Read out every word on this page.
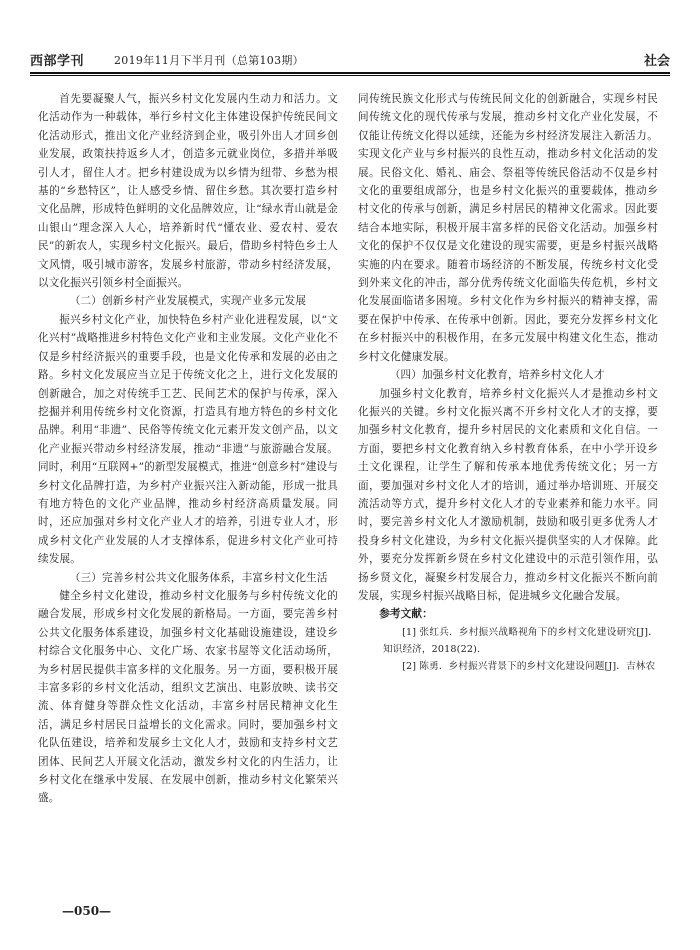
西部学刊	2019年11月下半月刊（总第103期）	社会

首先要凝聚人气，振兴乡村文化发展内生动力和活力。文化活动作为一种载体，举行乡村文化主体建设保护传统民间文化活动形式，推出文化产业经济到企业，吸引外出人才回乡创业发展，政策扶持返乡人才，创造多元就业岗位，多措并举吸引人才，留住人才。把乡村建设成为以乡情为纽带、乡愁为根基的“乡愁特区”，让人感受乡情、留住乡愁。其次要打造乡村文化品牌，形成特色鲜明的文化品牌效应，让“绿水青山就是金山银山”理念深入人心，培养新时代“懂农业、爱农村、爱农民”的新农人，实现乡村文化振兴。最后，借助乡村特色乡土人文风情，吸引城市游客，发展乡村旅游，带动乡村经济发展，以文化振兴引领乡村全面振兴。

（二）创新乡村产业发展模式，实现产业多元发展

振兴乡村文化产业，加快特色乡村产业化进程发展，以“文化兴村”战略推进乡村特色文化产业和主业发展。文化产业化不仅是乡村经济振兴的重要手段，也是文化传承和发展的必由之路。乡村文化发展应当立足于传统文化之上，进行文化发展的创新融合，加之对传统手工艺、民间艺术的保护与传承，深入挖掘并利用传统乡村文化资源，打造具有地方特色的乡村文化品牌。利用“非遗”、民俗等传统文化元素开发文创产品，以文化产业振兴带动乡村经济发展，推动“非遗”与旅游融合发展。同时，利用“互联网+”的新型发展模式，推进“创意乡村”建设与乡村文化品牌打造，为乡村产业振兴注入新动能，形成一批具有地方特色的文化产业品牌，推动乡村经济高质量发展。同时，还应加强对乡村文化产业人才的培养，引进专业人才，形成乡村文化产业发展的人才支撑体系，促进乡村文化产业可持续发展。

（三）完善乡村公共文化服务体系，丰富乡村文化生活

健全乡村文化建设，推动乡村文化服务与乡村传统文化的融合发展，形成乡村文化发展的新格局。一方面，要完善乡村公共文化服务体系建设，加强乡村文化基础设施建设，建设乡村综合文化服务中心、文化广场、农家书屋等文化活动场所，为乡村居民提供丰富多样的文化服务。另一方面，要积极开展丰富多彩的乡村文化活动，组织文艺演出、电影放映、读书交流、体育健身等群众性文化活动，丰富乡村居民精神文化生活，满足乡村居民日益增长的文化需求。同时，要加强乡村文化队伍建设，培养和发展乡土文化人才，鼓励和支持乡村文艺团体、民间艺人开展文化活动，激发乡村文化的内生活力，让乡村文化在继承中发展、在发展中创新，推动乡村文化繁荣兴盛。

同传统民族文化形式与传统民间文化的创新融合，实现乡村民间传统文化的现代传承与发展，推动乡村文化产业化发展，不仅能让传统文化得以延续，还能为乡村经济发展注入新活力。实现文化产业与乡村振兴的良性互动，推动乡村文化活动的发展。民俗文化、婚礼、庙会、祭祖等传统民俗活动不仅是乡村文化的重要组成部分，也是乡村文化振兴的重要载体，推动乡村文化的传承与创新，满足乡村居民的精神文化需求。因此要结合本地实际，积极开展丰富多样的民俗文化活动。加强乡村文化的保护不仅仅是文化建设的现实需要，更是乡村振兴战略实施的内在要求。随着市场经济的不断发展，传统乡村文化受到外来文化的冲击，部分优秀传统文化面临失传危机，乡村文化发展面临诸多困境。乡村文化作为乡村振兴的精神支撑，需要在保护中传承、在传承中创新。因此，要充分发挥乡村文化在乡村振兴中的积极作用，在多元发展中构建文化生态，推动乡村文化健康发展。

（四）加强乡村文化教育，培养乡村文化人才

加强乡村文化教育，培养乡村文化振兴人才是推动乡村文化振兴的关键。乡村文化振兴离不开乡村文化人才的支撑，要加强乡村文化教育，提升乡村居民的文化素质和文化自信。一方面，要把乡村文化教育纳入乡村教育体系，在中小学开设乡土文化课程，让学生了解和传承本地优秀传统文化；另一方面，要加强对乡村文化人才的培训，通过举办培训班、开展交流活动等方式，提升乡村文化人才的专业素养和能力水平。同时，要完善乡村文化人才激励机制，鼓励和吸引更多优秀人才投身乡村文化建设，为乡村文化振兴提供坚实的人才保障。此外，要充分发挥新乡贤在乡村文化建设中的示范引领作用，弘扬乡贤文化，凝聚乡村发展合力，推动乡村文化振兴不断向前发展，实现乡村振兴战略目标，促进城乡文化融合发展。

参考文献：

[1] 张红兵．乡村振兴战略视角下的乡村文化建设研究[J]．知识经济，2018(22)．

[2] 陈勇．乡村振兴背景下的乡村文化建设问题[J]．吉林农

—050—
